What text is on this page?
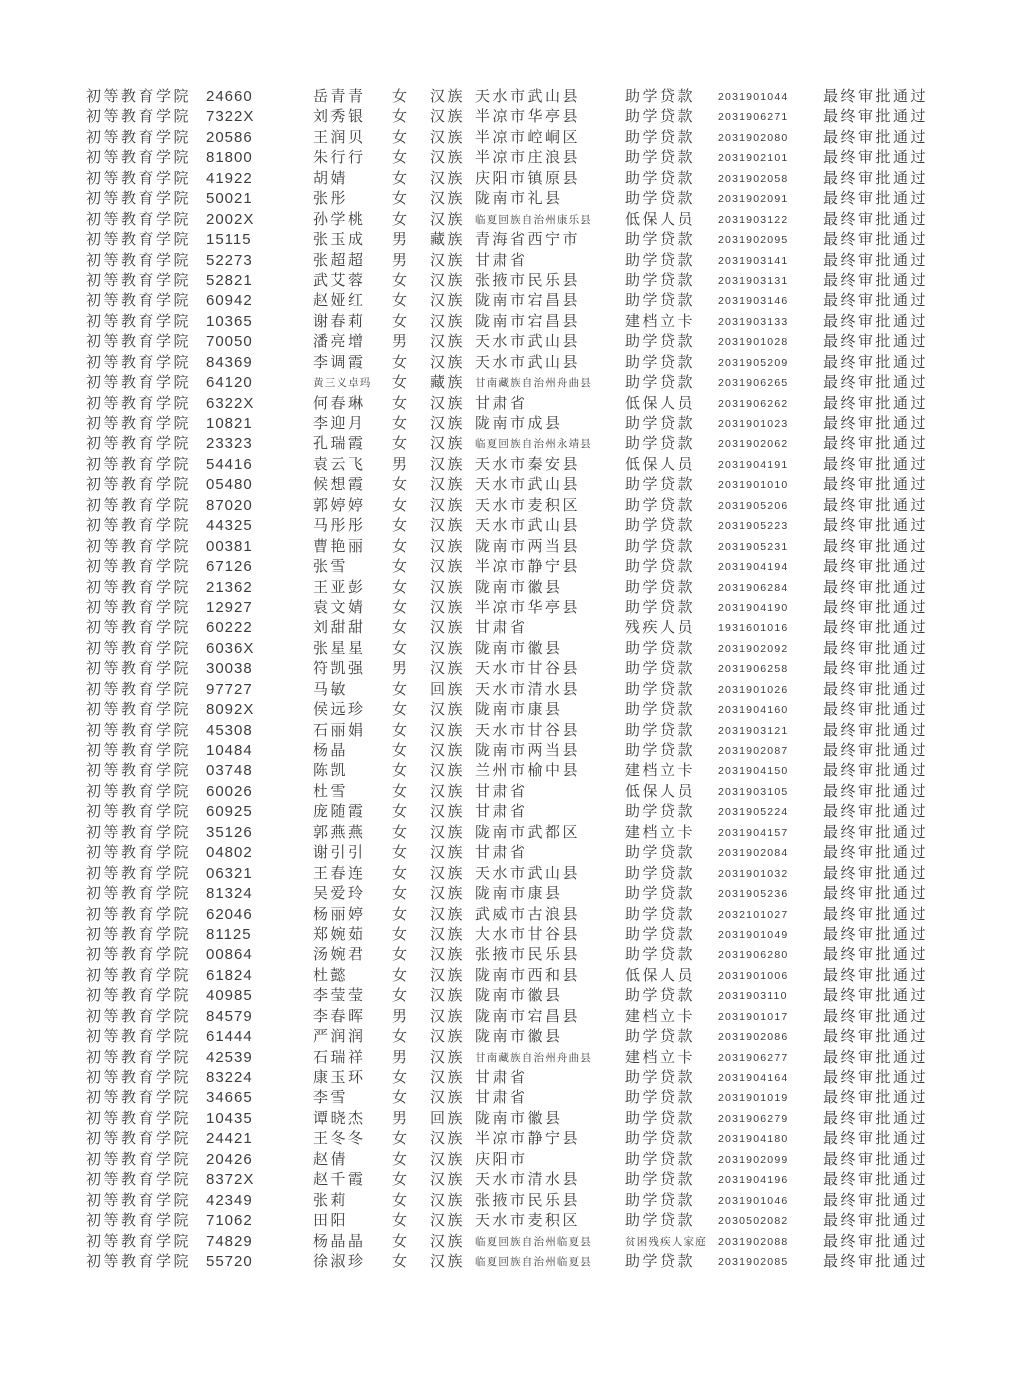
初等教育学院 24660	岳青青	女	汉族 天水市武山县	助学贷款	2031901044	最终审批通过
初等教育学院 7322X	刘秀银	女	汉族 半凉市华亭县	助学贷款	2031906271	最终审批通过
初等教育学院 20586	王润贝	女	汉族 半凉市崆峒区	助学贷款	2031902080	最终审批通过
初等教育学院 81800	朱行行	女	汉族 半凉市庄浪县	助学贷款	2031902101	最终审批通过
初等教育学院 41922	胡婧	女	汉族 庆阳市镇原县	助学贷款	2031902058	最终审批通过
初等教育学院 50021	张彤	女	汉族 陇南市礼县	助学贷款	2031902091	最终审批通过
初等教育学院 2002X	孙学桃	女	汉族 临夏回族自治州康乐县	低保人员	2031903122	最终审批通过
初等教育学院 15115	张玉成	男	藏族 青海省西宁市	助学贷款	2031902095	最终审批通过
初等教育学院 52273	张超超	男	汉族 甘肃省	助学贷款	2031903141	最终审批通过
初等教育学院 52821	武艾蓉	女	汉族 张掖市民乐县	助学贷款	2031903131	最终审批通过
初等教育学院 60942	赵娅红	女	汉族 陇南市宕昌县	助学贷款	2031903146	最终审批通过
初等教育学院 10365	谢春莉	女	汉族 陇南市宕昌县	建档立卡	2031903133	最终审批通过
初等教育学院 70050	潘亮增	男	汉族 天水市武山县	助学贷款	2031901028	最终审批通过
初等教育学院 84369	李调霞	女	汉族 天水市武山县	助学贷款	2031905209	最终审批通过
初等教育学院 64120	黄三义卓玛	女	藏族 甘南藏族自治州舟曲县	助学贷款	2031906265	最终审批通过
初等教育学院 6322X	何春琳	女	汉族 甘肃省	低保人员	2031906262	最终审批通过
初等教育学院 10821	李迎月	女	汉族 陇南市成县	助学贷款	2031901023	最终审批通过
初等教育学院 23323	孔瑞霞	女	汉族 临夏回族自治州永靖县	助学贷款	2031902062	最终审批通过
初等教育学院 54416	袁云飞	男	汉族 天水市秦安县	低保人员	2031904191	最终审批通过
初等教育学院 05480	候想霞	女	汉族 天水市武山县	助学贷款	2031901010	最终审批通过
初等教育学院 87020	郭婷婷	女	汉族 天水市麦积区	助学贷款	2031905206	最终审批通过
初等教育学院 44325	马彤彤	女	汉族 天水市武山县	助学贷款	2031905223	最终审批通过
初等教育学院 00381	曹艳丽	女	汉族 陇南市两当县	助学贷款	2031905231	最终审批通过
初等教育学院 67126	张雪	女	汉族 半凉市静宁县	助学贷款	2031904194	最终审批通过
初等教育学院 21362	王亚彭	女	汉族 陇南市徽县	助学贷款	2031906284	最终审批通过
初等教育学院 12927	袁文婧	女	汉族 半凉市华亭县	助学贷款	2031904190	最终审批通过
初等教育学院 60222	刘甜甜	女	汉族 甘肃省	残疾人员	1931601016	最终审批通过
初等教育学院 6036X	张星星	女	汉族 陇南市徽县	助学贷款	2031902092	最终审批通过
初等教育学院 30038	符凯强	男	汉族 天水市甘谷县	助学贷款	2031906258	最终审批通过
初等教育学院 97727	马敏	女	回族 天水市清水县	助学贷款	2031901026	最终审批通过
初等教育学院 8092X	侯远珍	女	汉族 陇南市康县	助学贷款	2031904160	最终审批通过
初等教育学院 45308	石丽娟	女	汉族 天水市甘谷县	助学贷款	2031903121	最终审批通过
初等教育学院 10484	杨晶	女	汉族 陇南市两当县	助学贷款	2031902087	最终审批通过
初等教育学院 03748	陈凯	女	汉族 兰州市榆中县	建档立卡	2031904150	最终审批通过
初等教育学院 60026	杜雪	女	汉族 甘肃省	低保人员	2031903105	最终审批通过
初等教育学院 60925	庞随霞	女	汉族 甘肃省	助学贷款	2031905224	最终审批通过
初等教育学院 35126	郭燕燕	女	汉族 陇南市武都区	建档立卡	2031904157	最终审批通过
初等教育学院 04802	谢引引	女	汉族 甘肃省	助学贷款	2031902084	最终审批通过
初等教育学院 06321	王春连	女	汉族 天水市武山县	助学贷款	2031901032	最终审批通过
初等教育学院 81324	吴爱玲	女	汉族 陇南市康县	助学贷款	2031905236	最终审批通过
初等教育学院 62046	杨丽婷	女	汉族 武威市古浪县	助学贷款	2032101027	最终审批通过
初等教育学院 81125	郑婉茹	女	汉族 大水市甘谷县	助学贷款	2031901049	最终审批通过
初等教育学院 00864	汤婉君	女	汉族 张掖市民乐县	助学贷款	2031906280	最终审批通过
初等教育学院 61824	杜懿	女	汉族 陇南市西和县	低保人员	2031901006	最终审批通过
初等教育学院 40985	李莹莹	女	汉族 陇南市徽县	助学贷款	2031903110	最终审批通过
初等教育学院 84579	李春晖	男	汉族 陇南市宕昌县	建档立卡	2031901017	最终审批通过
初等教育学院 61444	严润润	女	汉族 陇南市徽县	助学贷款	2031902086	最终审批通过
初等教育学院 42539	石瑞祥	男	汉族 甘南藏族自治州舟曲县	建档立卡	2031906277	最终审批通过
初等教育学院 83224	康玉环	女	汉族 甘肃省	助学贷款	2031904164	最终审批通过
初等教育学院 34665	李雪	女	汉族 甘肃省	助学贷款	2031901019	最终审批通过
初等教育学院 10435	谭晓杰	男	回族 陇南市徽县	助学贷款	2031906279	最终审批通过
初等教育学院 24421	王冬冬	女	汉族 半凉市静宁县	助学贷款	2031904180	最终审批通过
初等教育学院 20426	赵倩	女	汉族 庆阳市	助学贷款	2031902099	最终审批通过
初等教育学院 8372X	赵千霞	女	汉族 天水市清水县	助学贷款	2031904196	最终审批通过
初等教育学院 42349	张莉	女	汉族 张掖市民乐县	助学贷款	2031901046	最终审批通过
初等教育学院 71062	田阳	女	汉族 天水市麦积区	助学贷款	2030502082	最终审批通过
初等教育学院 74829	杨晶晶	女	汉族 临夏回族自治州临夏县	贫困残疾人家庭	2031902088	最终审批通过
初等教育学院 55720	徐淑珍	女	汉族 临夏回族自治州临夏县	助学贷款	2031902085	最终审批通过
